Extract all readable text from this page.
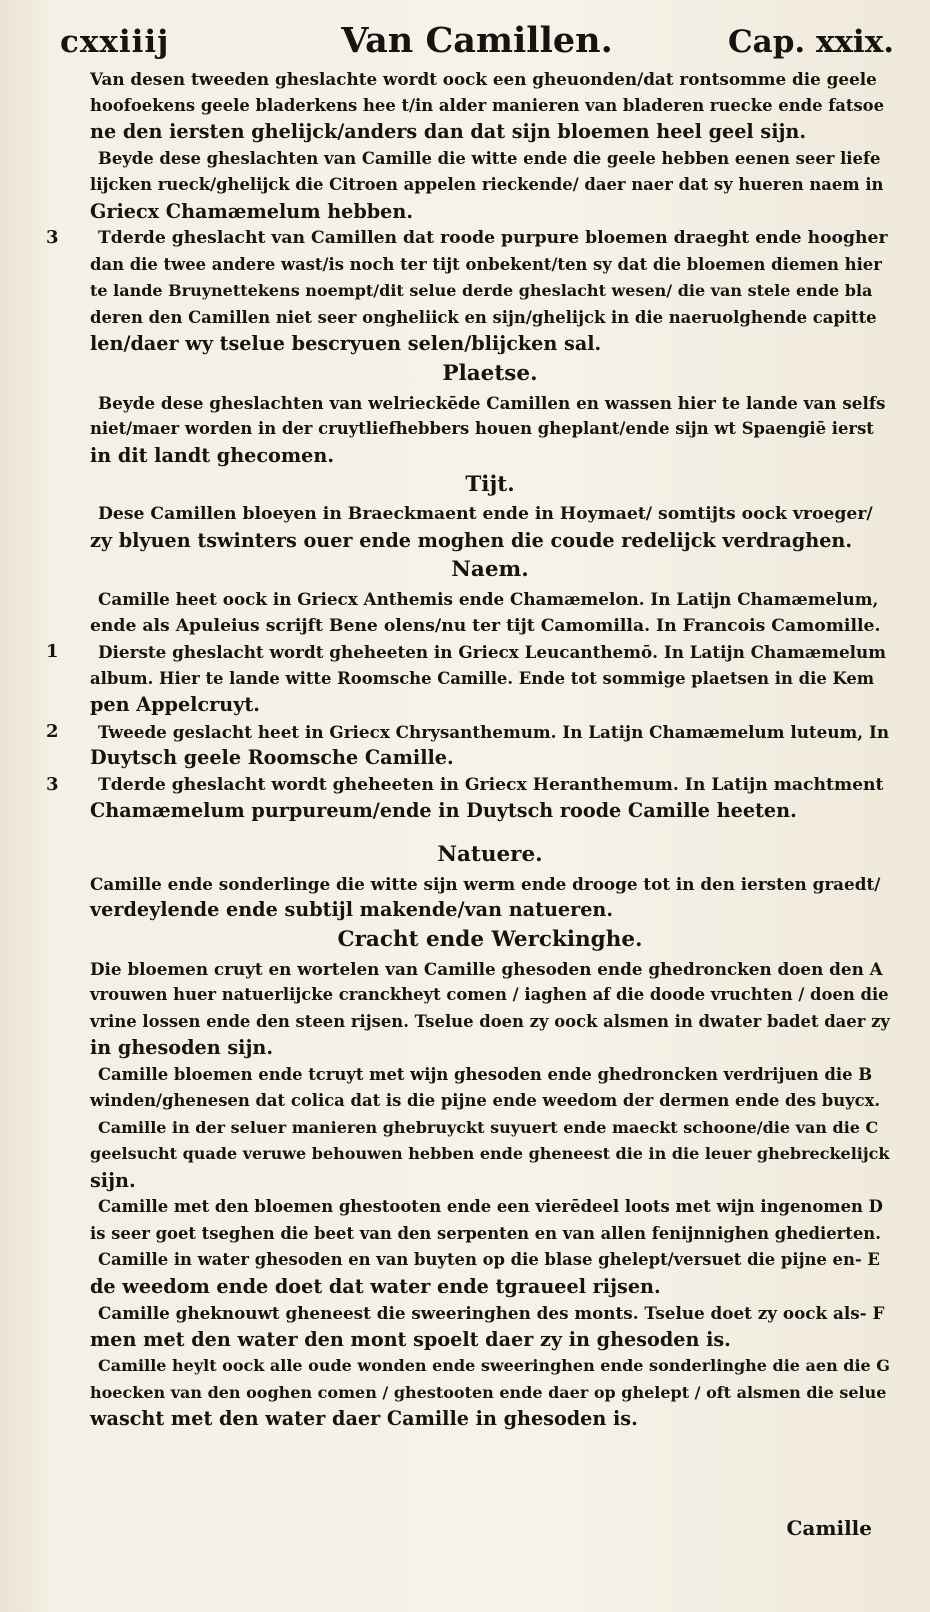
cxxiiij	Van Camillen.	Cap. xxix.
Van desen tweeden gheslachte wordt oock een gheuonden/dat rontsomme die geele
hoofoekens geele bladerkens hee t/in alder manieren van bladeren ruecke ende fatsoe
ne den iersten ghelijck/anders dan dat sijn bloemen heel geel sijn.
Beyde dese gheslachten van Camille die witte ende die geele hebben eenen seer liefe
lijcken rueck/ghelijck die Citroen appelen rieckende/ daer naer dat sy hueren naem in
Griecx Chamæmelum hebben.
3 Tderde gheslacht van Camillen dat roode purpure bloemen draeght ende hoogher
dan die twee andere wast/is noch ter tijt onbekent/ten sy dat die bloemen diemen hier
te lande Bruynettekens noempt/dit selue derde gheslacht wesen/ die van stele ende bla
deren den Camillen niet seer ongheliick en sijn/ghelijck in die naeruolghende capitte
len/daer wy tselue bescryuen selen/blijcken sal.
Plaetse.
Beyde dese gheslachten van welrieckēde Camillen en wassen hier te lande van selfs
niet/maer worden in der cruytliefhebbers houen gheplant/ende sijn wt Spaengiē ierst
in dit landt ghecomen.
Tijt.
Dese Camillen bloeyen in Braeckmaent ende in Hoymaet/ somtijts oock vroeger/
zy blyuen tswinters ouer ende moghen die coude redelijck verdraghen.
Naem.
Camille heet oock in Griecx Anthemis ende Chamæmelon. In Latijn Chamæmelum,
ende als Apuleius scrijft Bene olens/nu ter tijt Camomilla. In Francois Camomille.
1 Dierste gheslacht wordt gheheeten in Griecx Leucanthemō. In Latijn Chamæmelum
album. Hier te lande witte Roomsche Camille. Ende tot sommige plaetsen in die Kem
pen Appelcruyt.
2 Tweede geslacht heet in Griecx Chrysanthemum. In Latijn Chamæmelum luteum, In
Duytsch geele Roomsche Camille.
3 Tderde gheslacht wordt gheheeten in Griecx Heranthemum. In Latijn machtment
Chamæmelum purpureum/ende in Duytsch roode Camille heeten.
Natuere.
Camille ende sonderlinge die witte sijn werm ende drooge tot in den iersten graedt/
verdeylende ende subtijl makende/van natueren.
Cracht ende Werckinghe.
Die bloemen cruyt en wortelen van Camille ghesoden ende ghedroncken doen den A
vrouwen huer natuerlijcke cranckheyt comen / iaghen af die doode vruchten / doen die
vrine lossen ende den steen rijsen. Tselue doen zy oock alsmen in dwater badet daer zy
in ghesoden sijn.
Camille bloemen ende tcruyt met wijn ghesoden ende ghedroncken verdrijuen die B
winden/ghenesen dat colica dat is die pijne ende weedom der dermen ende des buycx.
Camille in der seluer manieren ghebruyckt suyuert ende maeckt schoone/die van die C
geelsucht quade veruwe behouwen hebben ende gheneest die in die leuer ghebreckelijck
sijn.
Camille met den bloemen ghestooten ende een vierēdeel loots met wijn ingenomen D
is seer goet tseghen die beet van den serpenten en van allen fenijnnighen ghedierten.
Camille in water ghesoden en van buyten op die blase ghelept/versuet die pijne en- E
de weedom ende doet dat water ende tgraueel rijsen.
Camille gheknouwt gheneest die sweeringhen des monts. Tselue doet zy oock als- F
men met den water den mont spoelt daer zy in ghesoden is.
Camille heylt oock alle oude wonden ende sweeringhen ende sonderlinghe die aen die G
hoecken van den ooghen comen / ghestooten ende daer op ghelept / oft alsmen die selue
wascht met den water daer Camille in ghesoden is.
Camille
